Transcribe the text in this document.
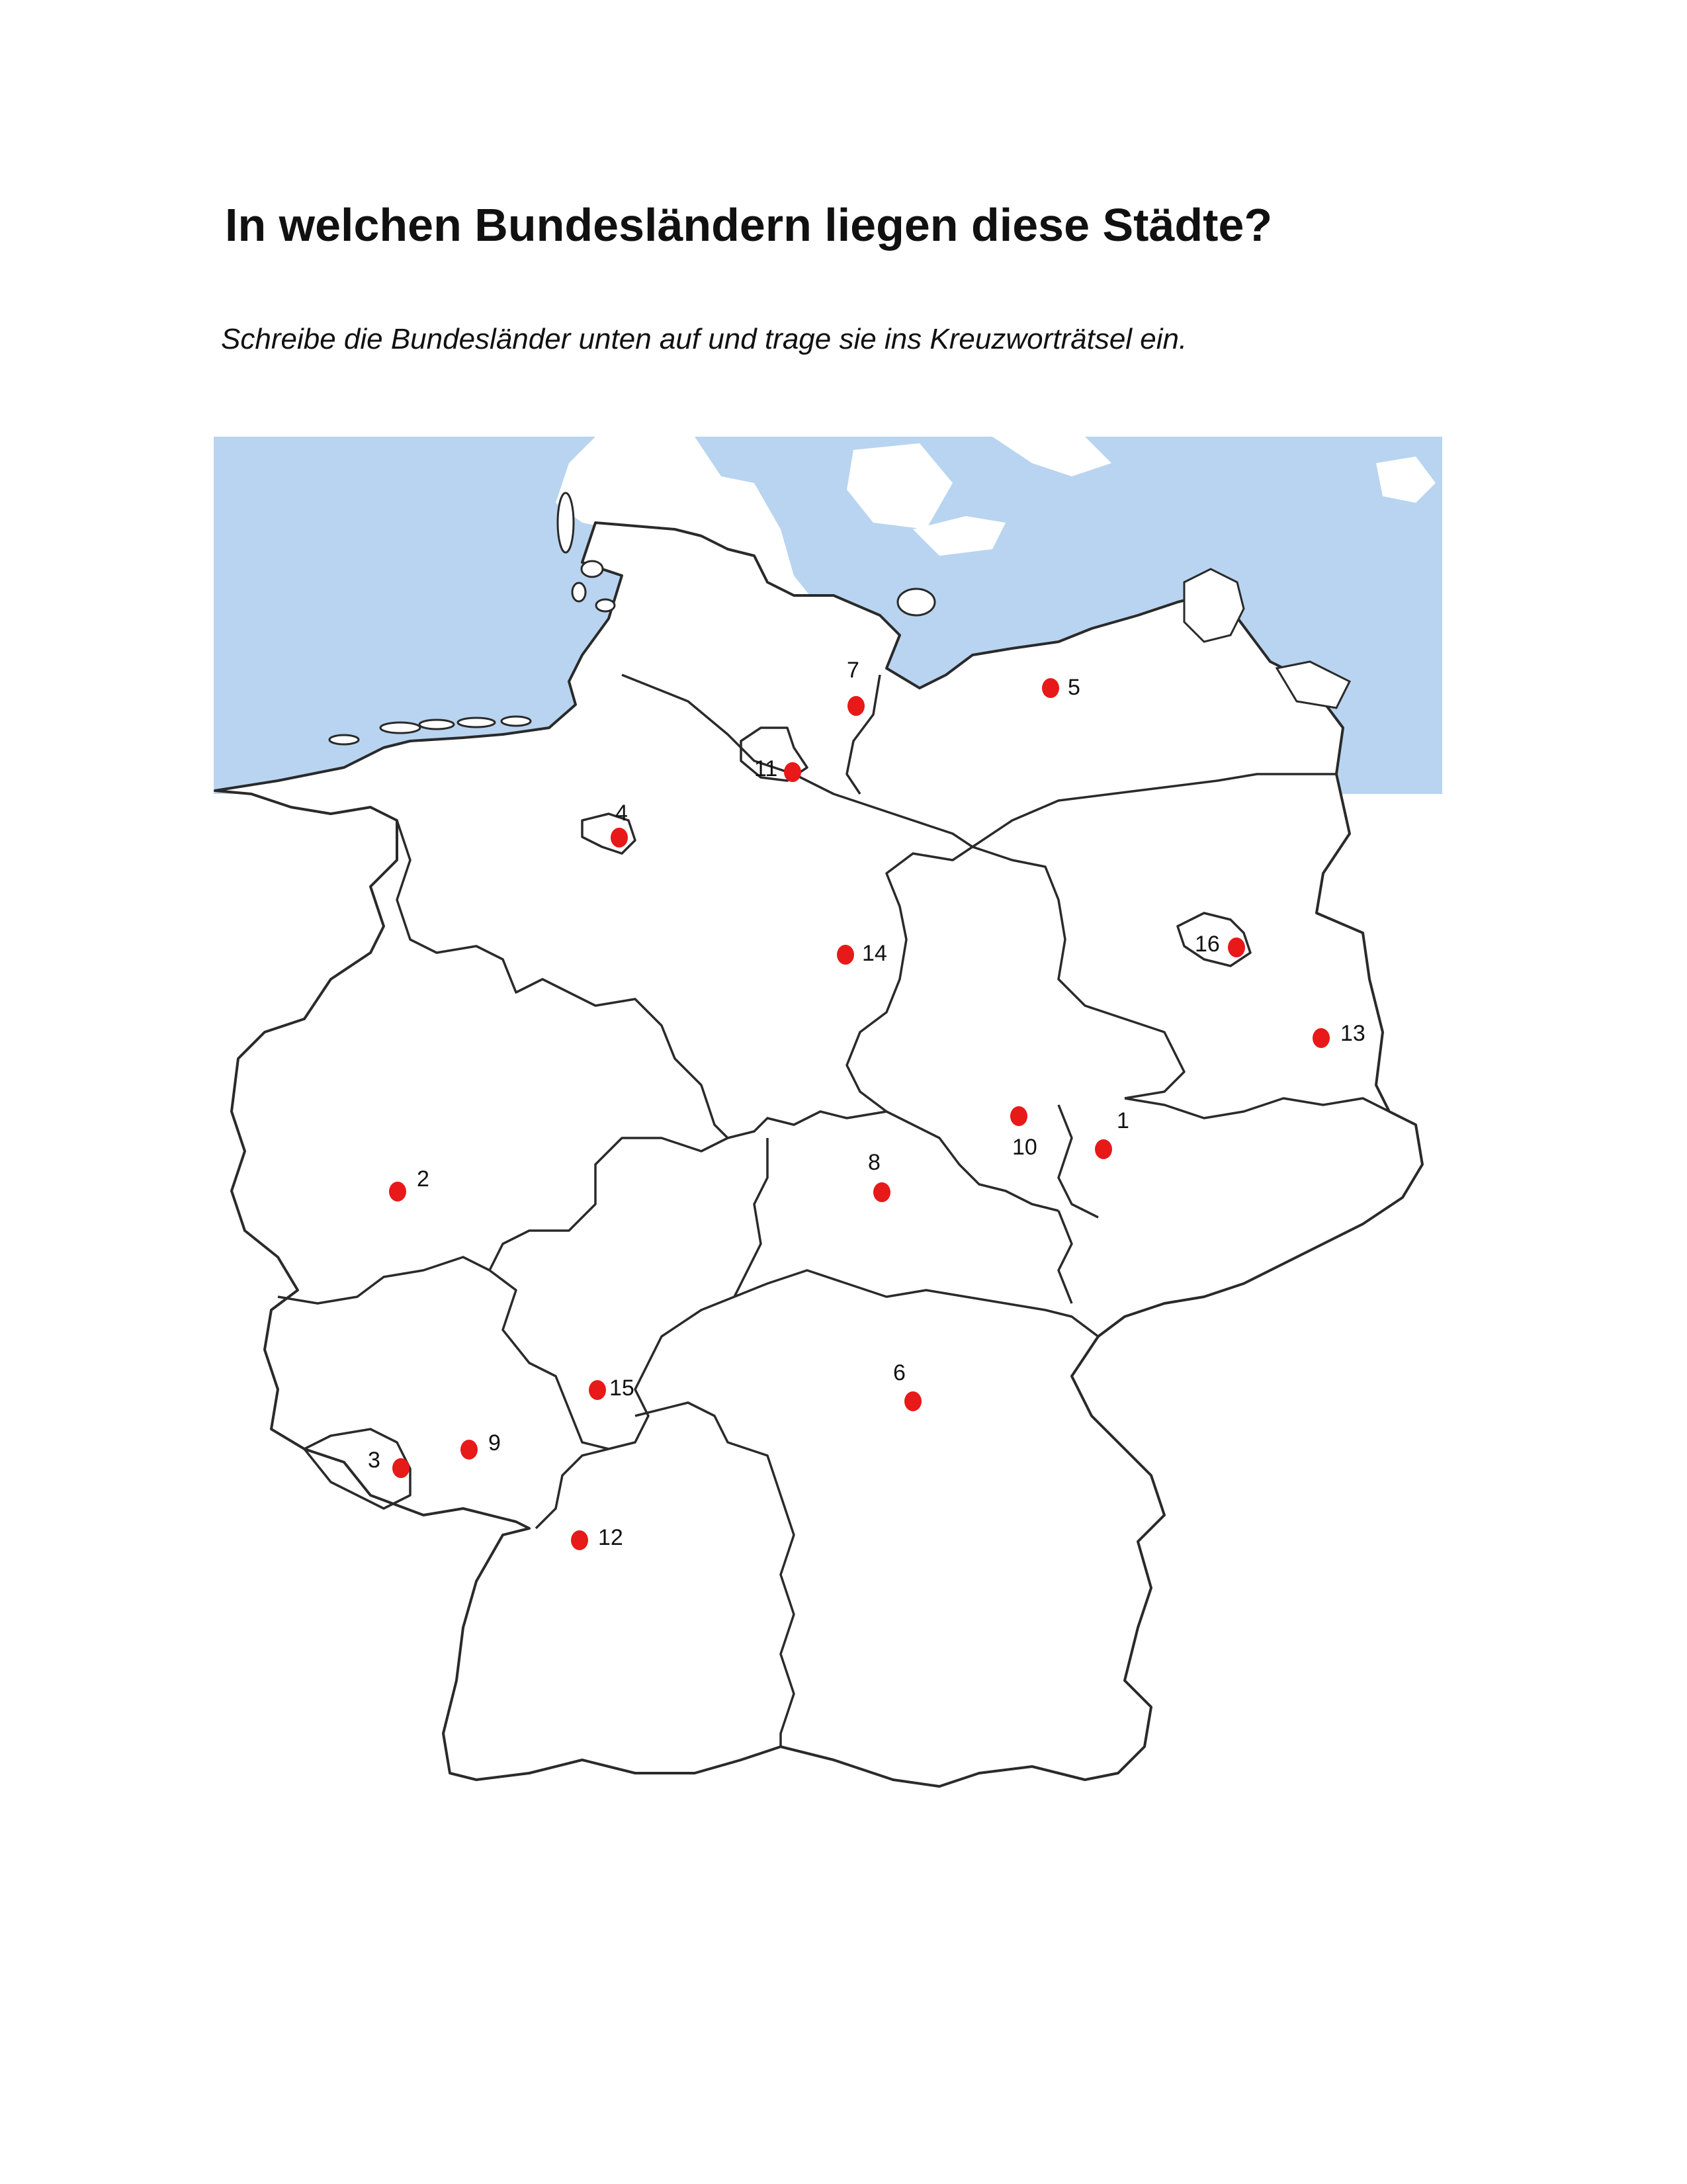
In welchen Bundesländern liegen diese Städte?

Schreibe die Bundesländer unten auf und trage sie ins Kreuzworträtsel ein.

1
2
3
4
5
6
7
8
9
10
11
12
13
14
15
16
